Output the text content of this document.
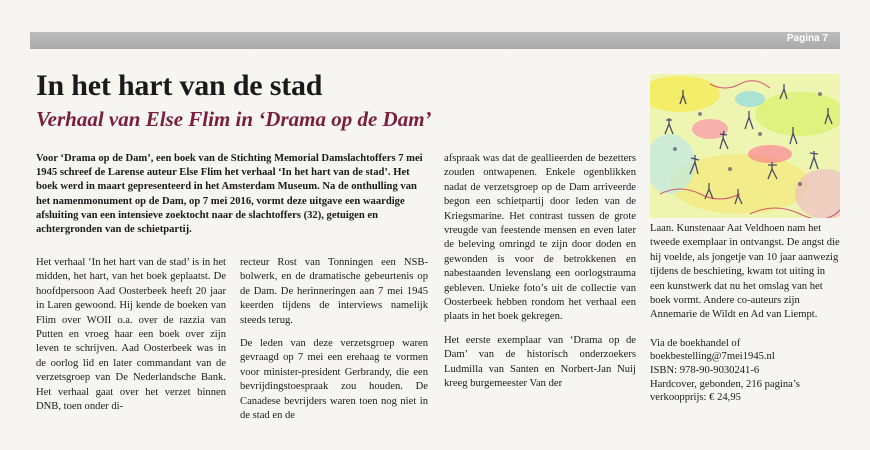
Pagina 7
In het hart van de stad
Verhaal van Else Flim in ‘Drama op de Dam’

Voor ‘Drama op de Dam’, een boek van de Stichting Memorial Damslachtoffers 7 mei 1945 schreef de Larense auteur Else Flim het verhaal ‘In het hart van de stad’. Het boek werd in maart gepresenteerd in het Amsterdam Museum. Na de onthulling van het namenmonument op de Dam, op 7 mei 2016, vormt deze uitgave een waardige afsluiting van een intensieve zoektocht naar de slachtoffers (32), getuigen en achtergronden van de schietpartij.

Het verhaal ‘In het hart van de stad’ is in het midden, het hart, van het boek geplaatst. De hoofdpersoon Aad Oosterbeek heeft 20 jaar in Laren gewoond. Hij kende de boeken van Flim over WOII o.a. over de razzia van Putten en vroeg haar een boek over zijn leven te schrijven. Aad Oosterbeek was in de oorlog lid en later commandant van de verzetsgroep van De Nederlandsche Bank. Het verhaal gaat over het verzet binnen DNB, toen onder di-

recteur Rost van Tonningen een NSB-bolwerk, en de dramatische gebeurtenis op de Dam. De herinneringen aan 7 mei 1945 keerden tijdens de interviews namelijk steeds terug.

De leden van deze verzetsgroep waren gevraagd op 7 mei een erehaag te vormen voor minister-president Gerbrandy, die een bevrijdingstoespraak zou houden. De Canadese bevrijders waren toen nog niet in de stad en de

afspraak was dat de geallieerden de bezetters zouden ontwapenen. Enkele ogenblikken nadat de verzetsgroep op de Dam arriveerde begon een schietpartij door leden van de Kriegsmarine. Het contrast tussen de grote vreugde van feestende mensen en even later de beleving omringd te zijn door doden en gewonden is voor de betrokkenen en nabestaanden levenslang een oorlogstrauma gebleven. Unieke foto’s uit de collectie van Oosterbeek hebben rondom het verhaal een plaats in het boek gekregen.

Het eerste exemplaar van ‘Drama op de Dam’ van de historisch onderzoekers Ludmilla van Santen en Norbert-Jan Nuij kreeg burgemeester Van der

Laan. Kunstenaar Aat Veldhoen nam het tweede exemplaar in ontvangst. De angst die hij voelde, als jongetje van 10 jaar aanwezig tijdens de beschieting, kwam tot uiting in een kunstwerk dat nu het omslag van het boek vormt. Andere co-auteurs zijn Annemarie de Wildt en Ad van Liempt.

Via de boekhandel of
boekbestelling@7mei1945.nl
ISBN: 978-90-9030241-6
Hardcover, gebonden, 216 pagina’s
verkoopprijs: € 24,95
